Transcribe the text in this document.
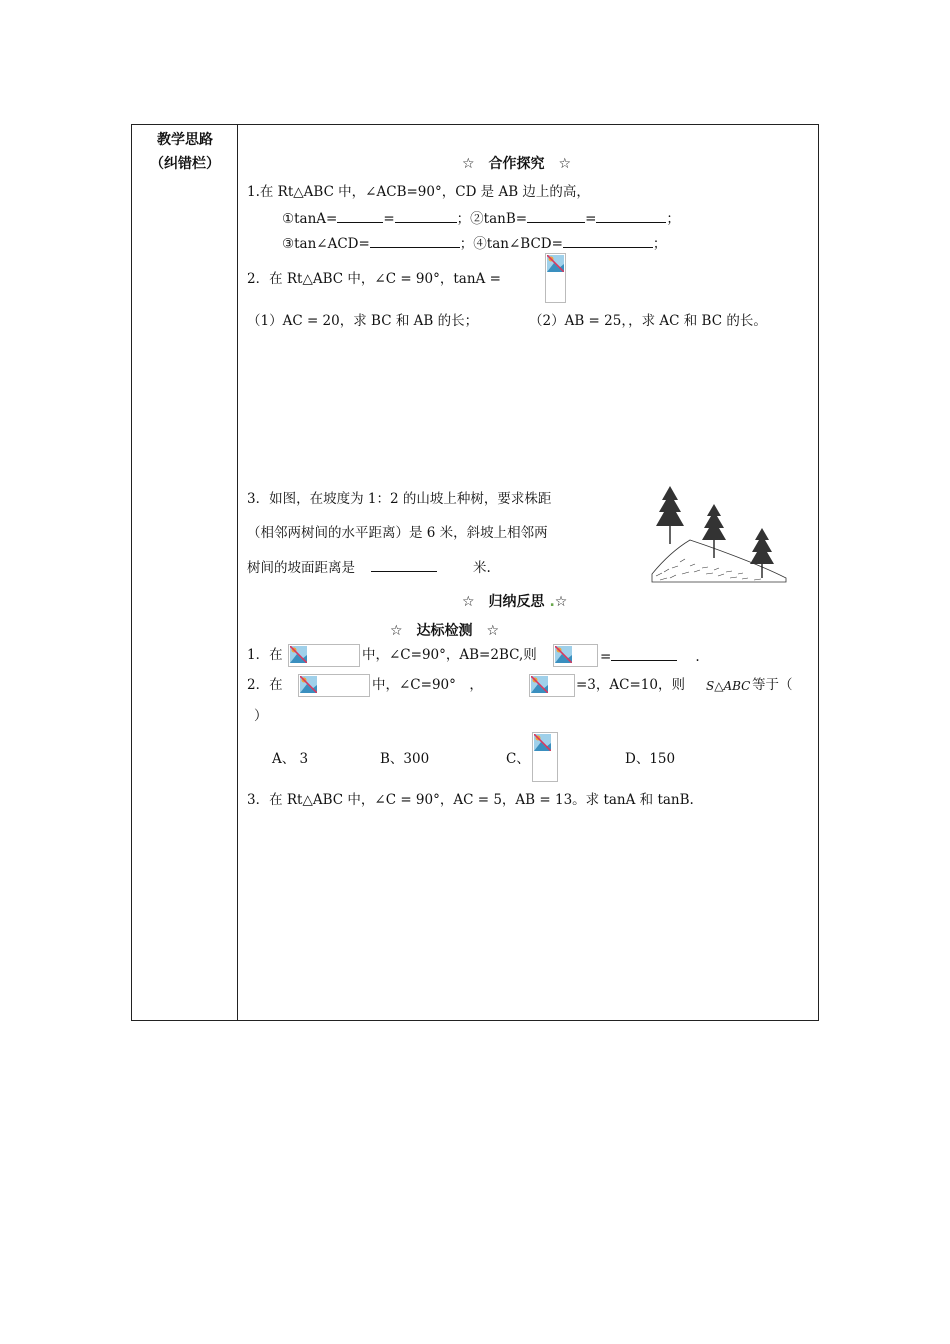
教学思路
（纠错栏）	☆　合作探究　☆
1.在 Rt△ABC 中，∠ACB=90°，CD 是 AB 边上的高，
①tanA=	=	；②tanB=	=	；
③tan∠ACD=	；④tan∠BCD=	；
2．在 Rt△ABC 中，∠C = 90°，tanA =
（1）AC = 20，求 BC 和 AB 的长；	（2）AB = 25，，求 AC 和 BC 的长。
3．如图，在坡度为 1：2 的山坡上种树，要求株距
（相邻两树间的水平距离）是 6 米，斜坡上相邻两
树间的坡面距离是	米.
☆　归纳反思 .☆
☆　达标检测　☆
1．在	中，∠C=90°，AB=2BC,则	=	.
2．在	中，∠C=90°　，	=3，AC=10，则 S△ABC 等于（
）
A、 3	B、300	C、	D、150
3．在 Rt△ABC 中，∠C = 90°，AC = 5，AB = 13。求 tanA 和 tanB.
